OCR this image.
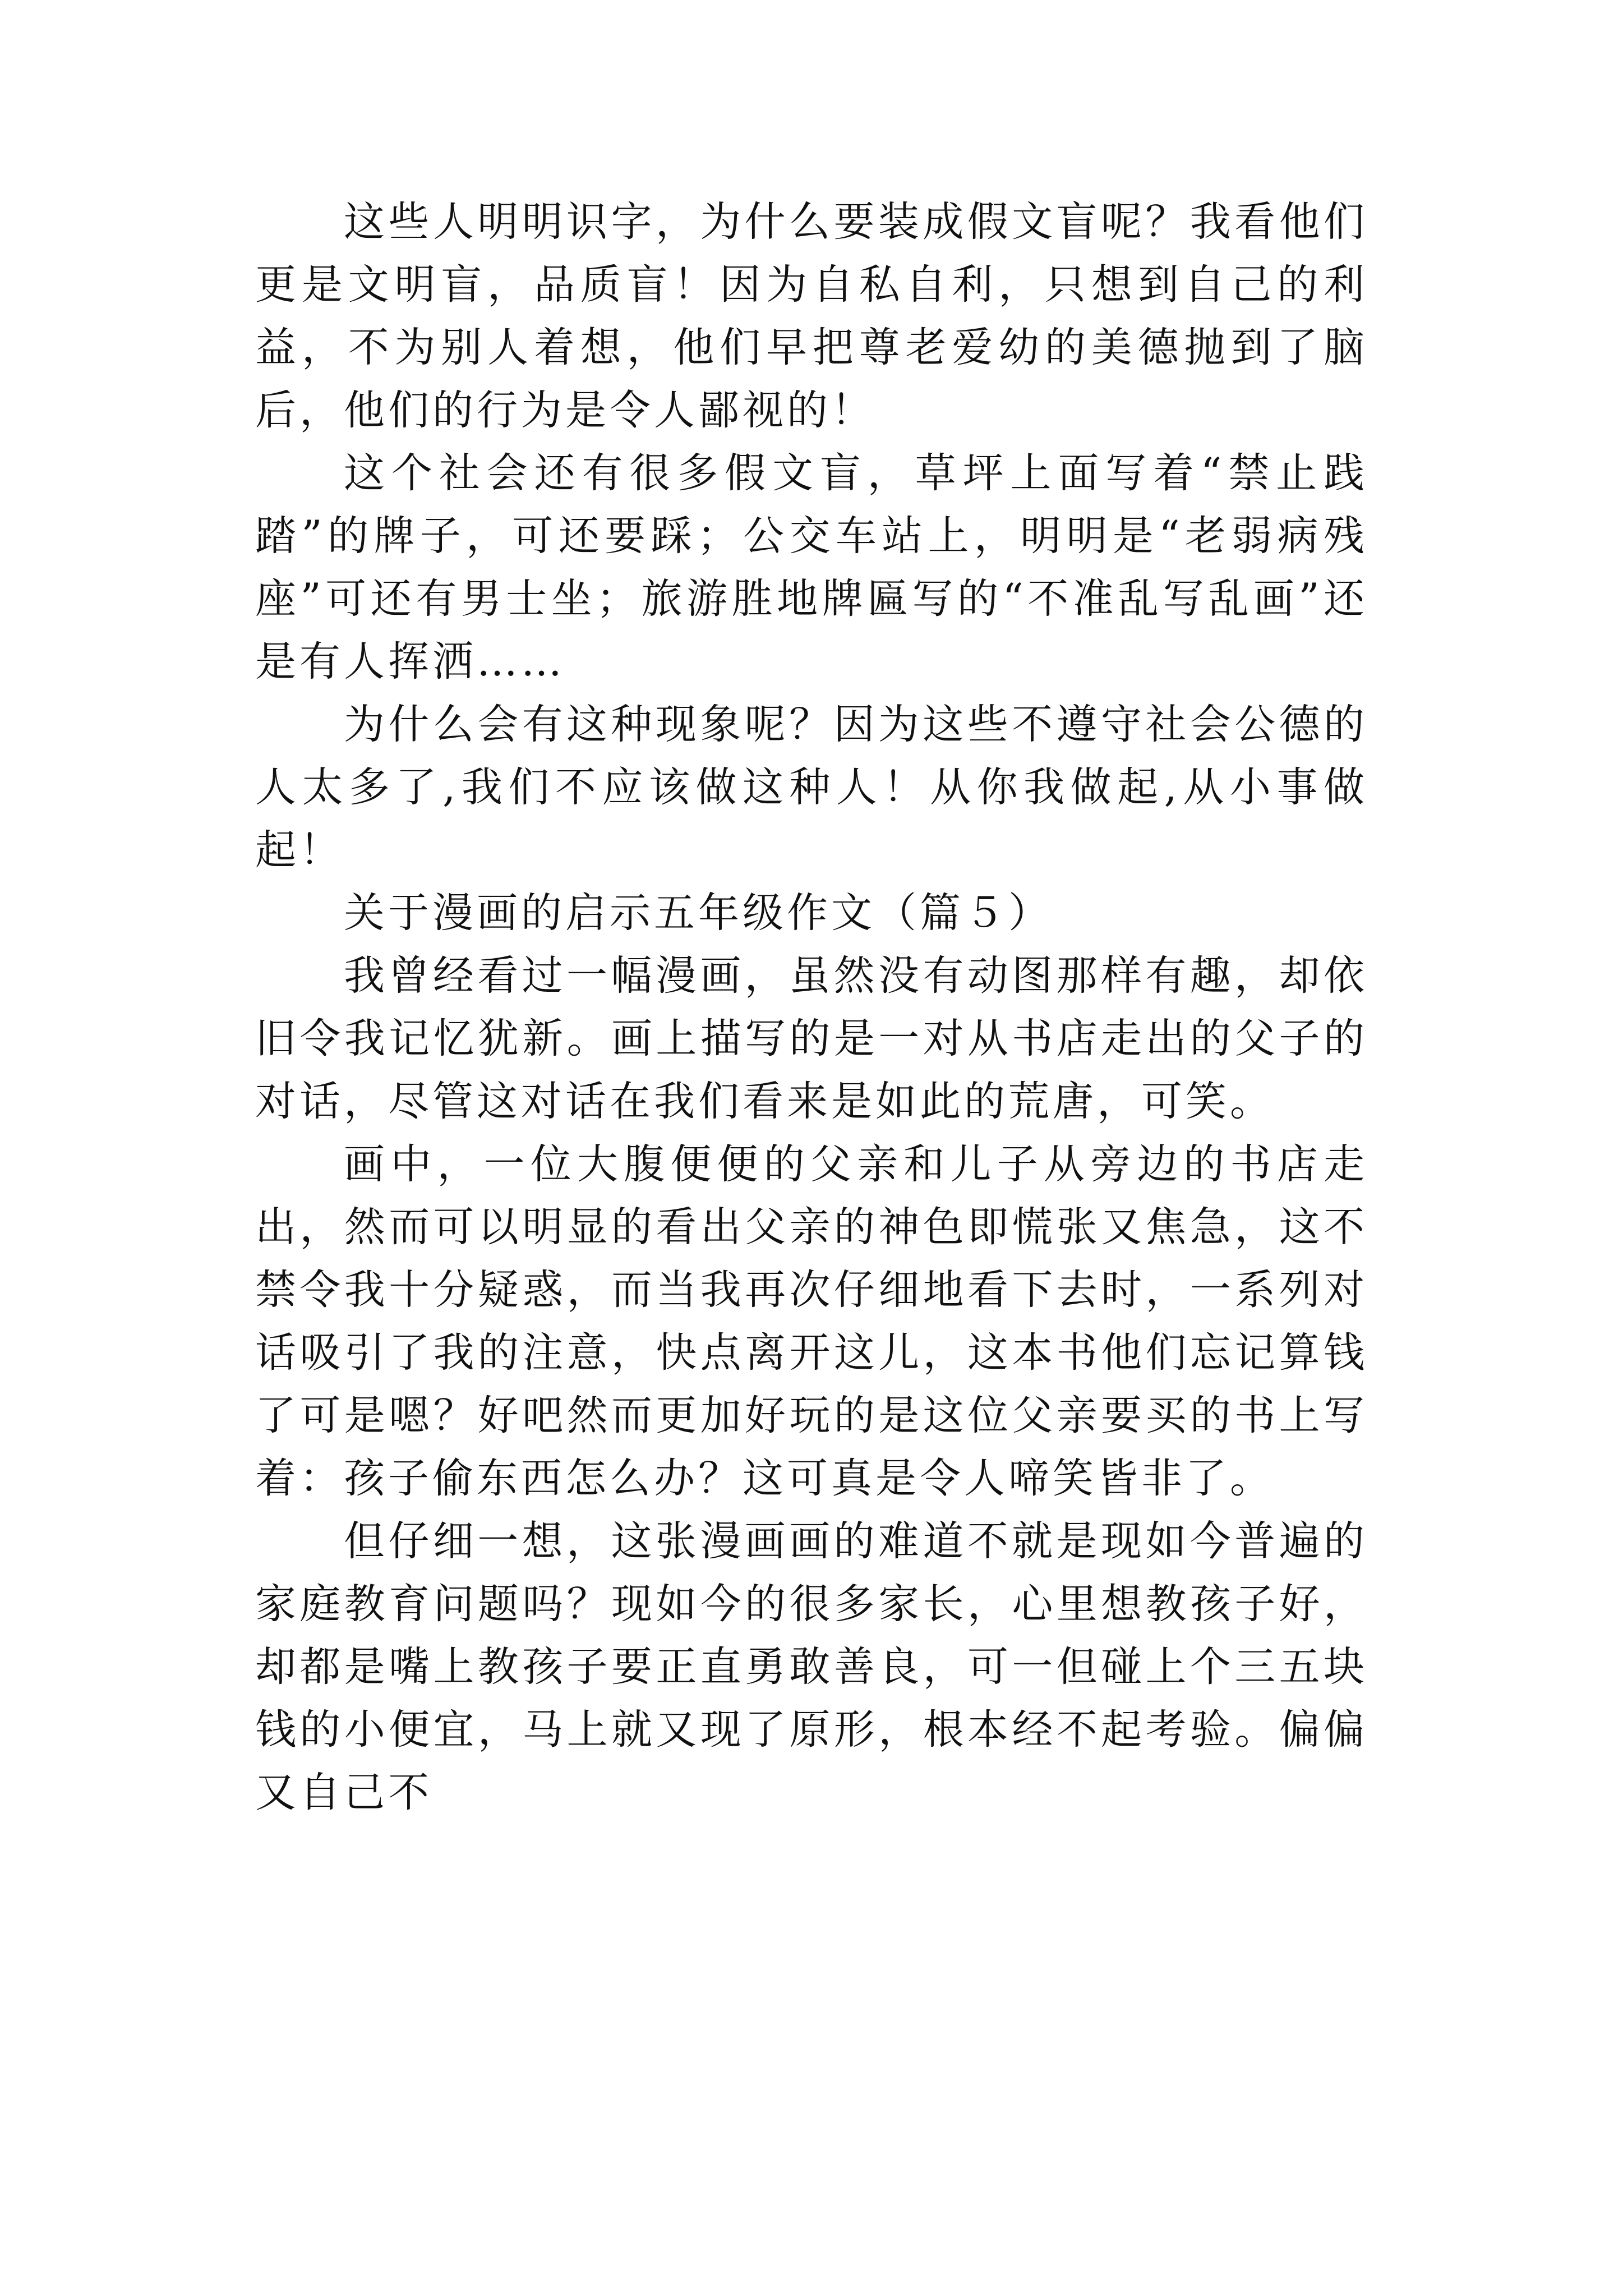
这些人明明识字，为什么要装成假文盲呢？我看他们更是文明盲，品质盲！因为自私自利，只想到自己的利益，不为别人着想，他们早把尊老爱幼的美德抛到了脑后，他们的行为是令人鄙视的！

这个社会还有很多假文盲，草坪上面写着“禁止践踏”的牌子，可还要踩；公交车站上，明明是“老弱病残座”可还有男士坐；旅游胜地牌匾写的“不准乱写乱画”还是有人挥洒……

为什么会有这种现象呢？因为这些不遵守社会公德的人太多了,我们不应该做这种人！从你我做起,从小事做起！

关于漫画的启示五年级作文（篇５）

我曾经看过一幅漫画，虽然没有动图那样有趣，却依旧令我记忆犹新。画上描写的是一对从书店走出的父子的对话，尽管这对话在我们看来是如此的荒唐，可笑。

画中，一位大腹便便的父亲和儿子从旁边的书店走出，然而可以明显的看出父亲的神色即慌张又焦急，这不禁令我十分疑惑，而当我再次仔细地看下去时，一系列对话吸引了我的注意，快点离开这儿，这本书他们忘记算钱了可是嗯？好吧然而更加好玩的是这位父亲要买的书上写着：孩子偷东西怎么办？这可真是令人啼笑皆非了。

但仔细一想，这张漫画画的难道不就是现如今普遍的家庭教育问题吗？现如今的很多家长，心里想教孩子好，却都是嘴上教孩子要正直勇敢善良，可一但碰上个三五块钱的小便宜，马上就又现了原形，根本经不起考验。偏偏又自己不
